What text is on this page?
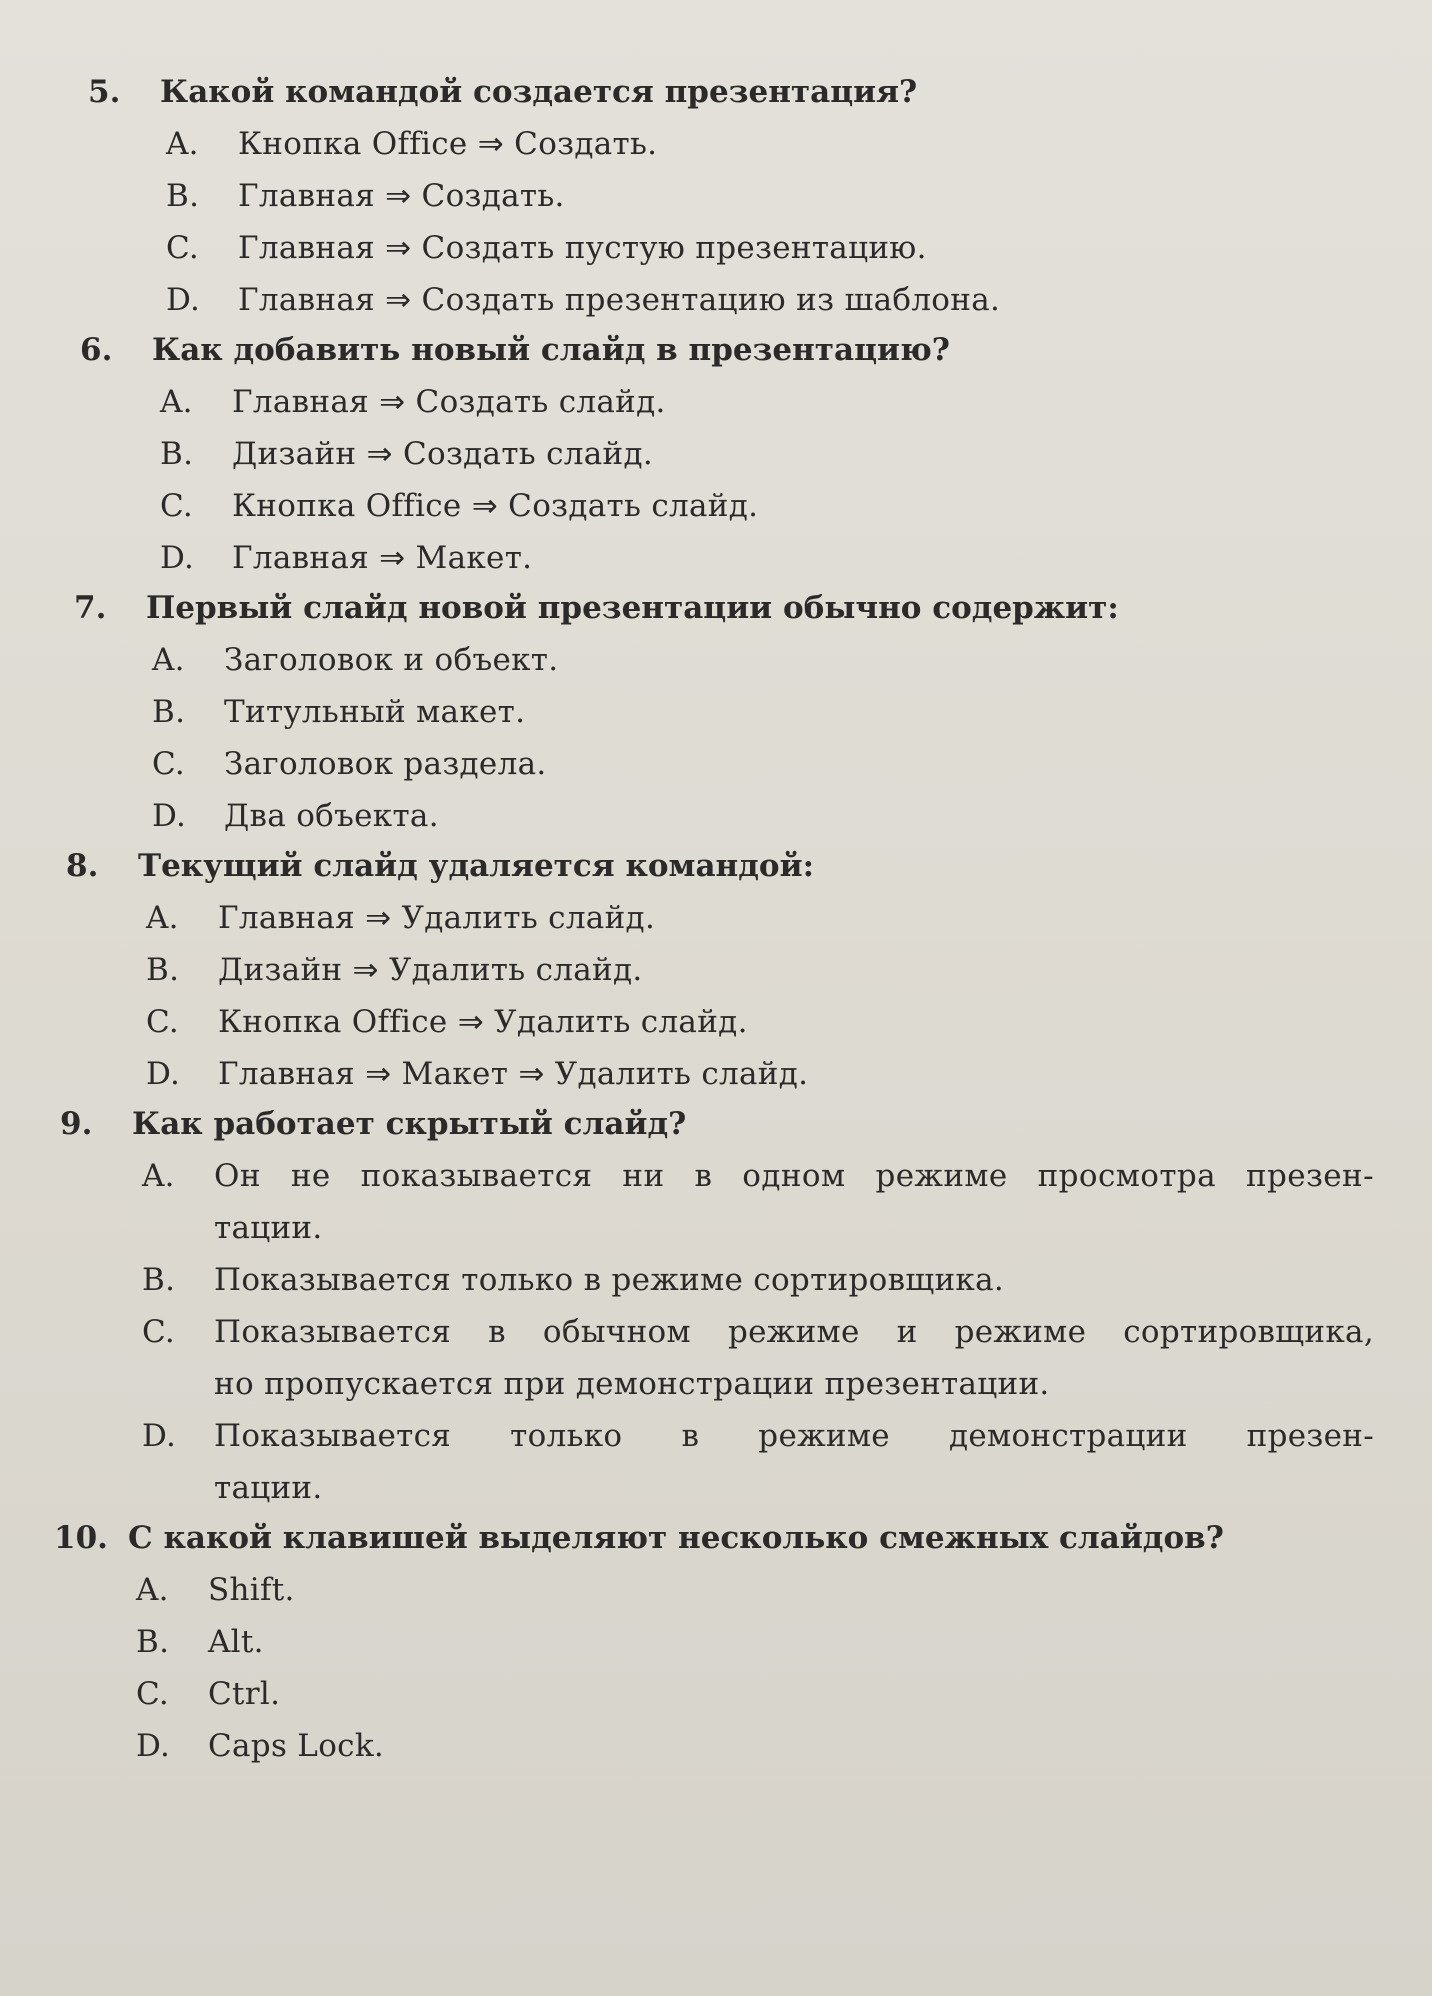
5.	Какой командой создается презентация?
A.	Кнопка Office ⇒ Создать.
B.	Главная ⇒ Создать.
C.	Главная ⇒ Создать пустую презентацию.
D.	Главная ⇒ Создать презентацию из шаблона.
6.	Как добавить новый слайд в презентацию?
A.	Главная ⇒ Создать слайд.
B.	Дизайн ⇒ Создать слайд.
C.	Кнопка Office ⇒ Создать слайд.
D.	Главная ⇒ Макет.
7.	Первый слайд новой презентации обычно содержит:
A.	Заголовок и объект.
B.	Титульный макет.
C.	Заголовок раздела.
D.	Два объекта.
8.	Текущий слайд удаляется командой:
A.	Главная ⇒ Удалить слайд.
B.	Дизайн ⇒ Удалить слайд.
C.	Кнопка Office ⇒ Удалить слайд.
D.	Главная ⇒ Макет ⇒ Удалить слайд.
9.	Как работает скрытый слайд?
A.	Он не показывается ни в одном режиме просмотра презен-
тации.
B.	Показывается только в режиме сортировщика.
C.	Показывается в обычном режиме и режиме сортировщика,
но пропускается при демонстрации презентации.
D.	Показывается только в режиме демонстрации презен-
тации.
10. С какой клавишей выделяют несколько смежных слайдов?
A.	Shift.
B.	Alt.
C.	Ctrl.
D.	Caps Lock.
